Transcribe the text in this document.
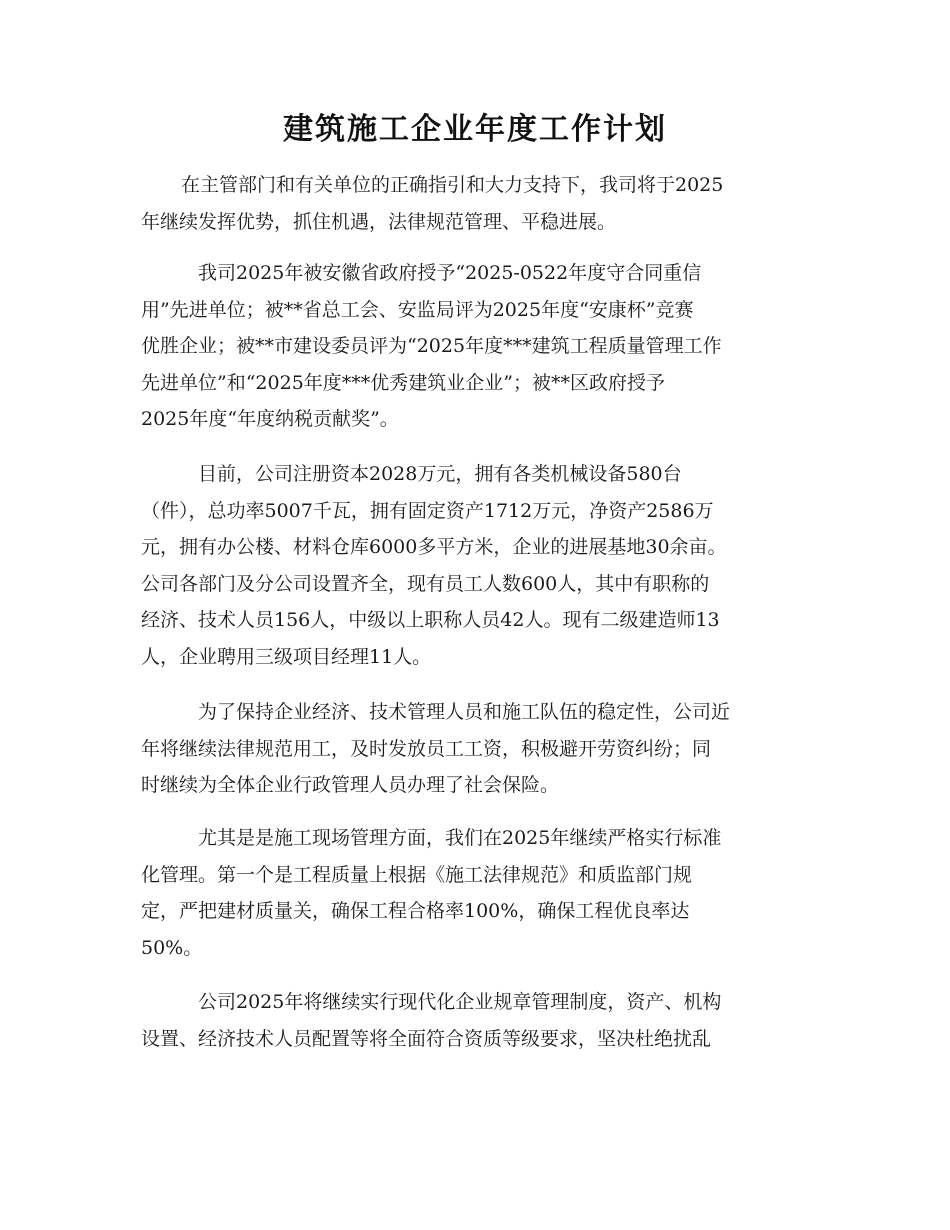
建筑施工企业年度工作计划
在主管部门和有关单位的正确指引和大力支持下，我司将于2025
年继续发挥优势，抓住机遇，法律规范管理、平稳进展。
我司2025年被安徽省政府授予“2025-0522年度守合同重信
用”先进单位；被**省总工会、安监局评为2025年度“安康杯”竞赛
优胜企业；被**市建设委员评为“2025年度***建筑工程质量管理工作
先进单位”和“2025年度***优秀建筑业企业”；被**区政府授予
2025年度“年度纳税贡献奖”。
目前，公司注册资本2028万元，拥有各类机械设备580台
（件），总功率5007千瓦，拥有固定资产1712万元，净资产2586万
元，拥有办公楼、材料仓库6000多平方米，企业的进展基地30余亩。
公司各部门及分公司设置齐全，现有员工人数600人，其中有职称的
经济、技术人员156人，中级以上职称人员42人。现有二级建造师13
人，企业聘用三级项目经理11人。
为了保持企业经济、技术管理人员和施工队伍的稳定性，公司近
年将继续法律规范用工，及时发放员工工资，积极避开劳资纠纷；同
时继续为全体企业行政管理人员办理了社会保险。
尤其是是施工现场管理方面，我们在2025年继续严格实行标准
化管理。第一个是工程质量上根据《施工法律规范》和质监部门规
定，严把建材质量关，确保工程合格率100%，确保工程优良率达
50%。
公司2025年将继续实行现代化企业规章管理制度，资产、机构
设置、经济技术人员配置等将全面符合资质等级要求，坚决杜绝扰乱
